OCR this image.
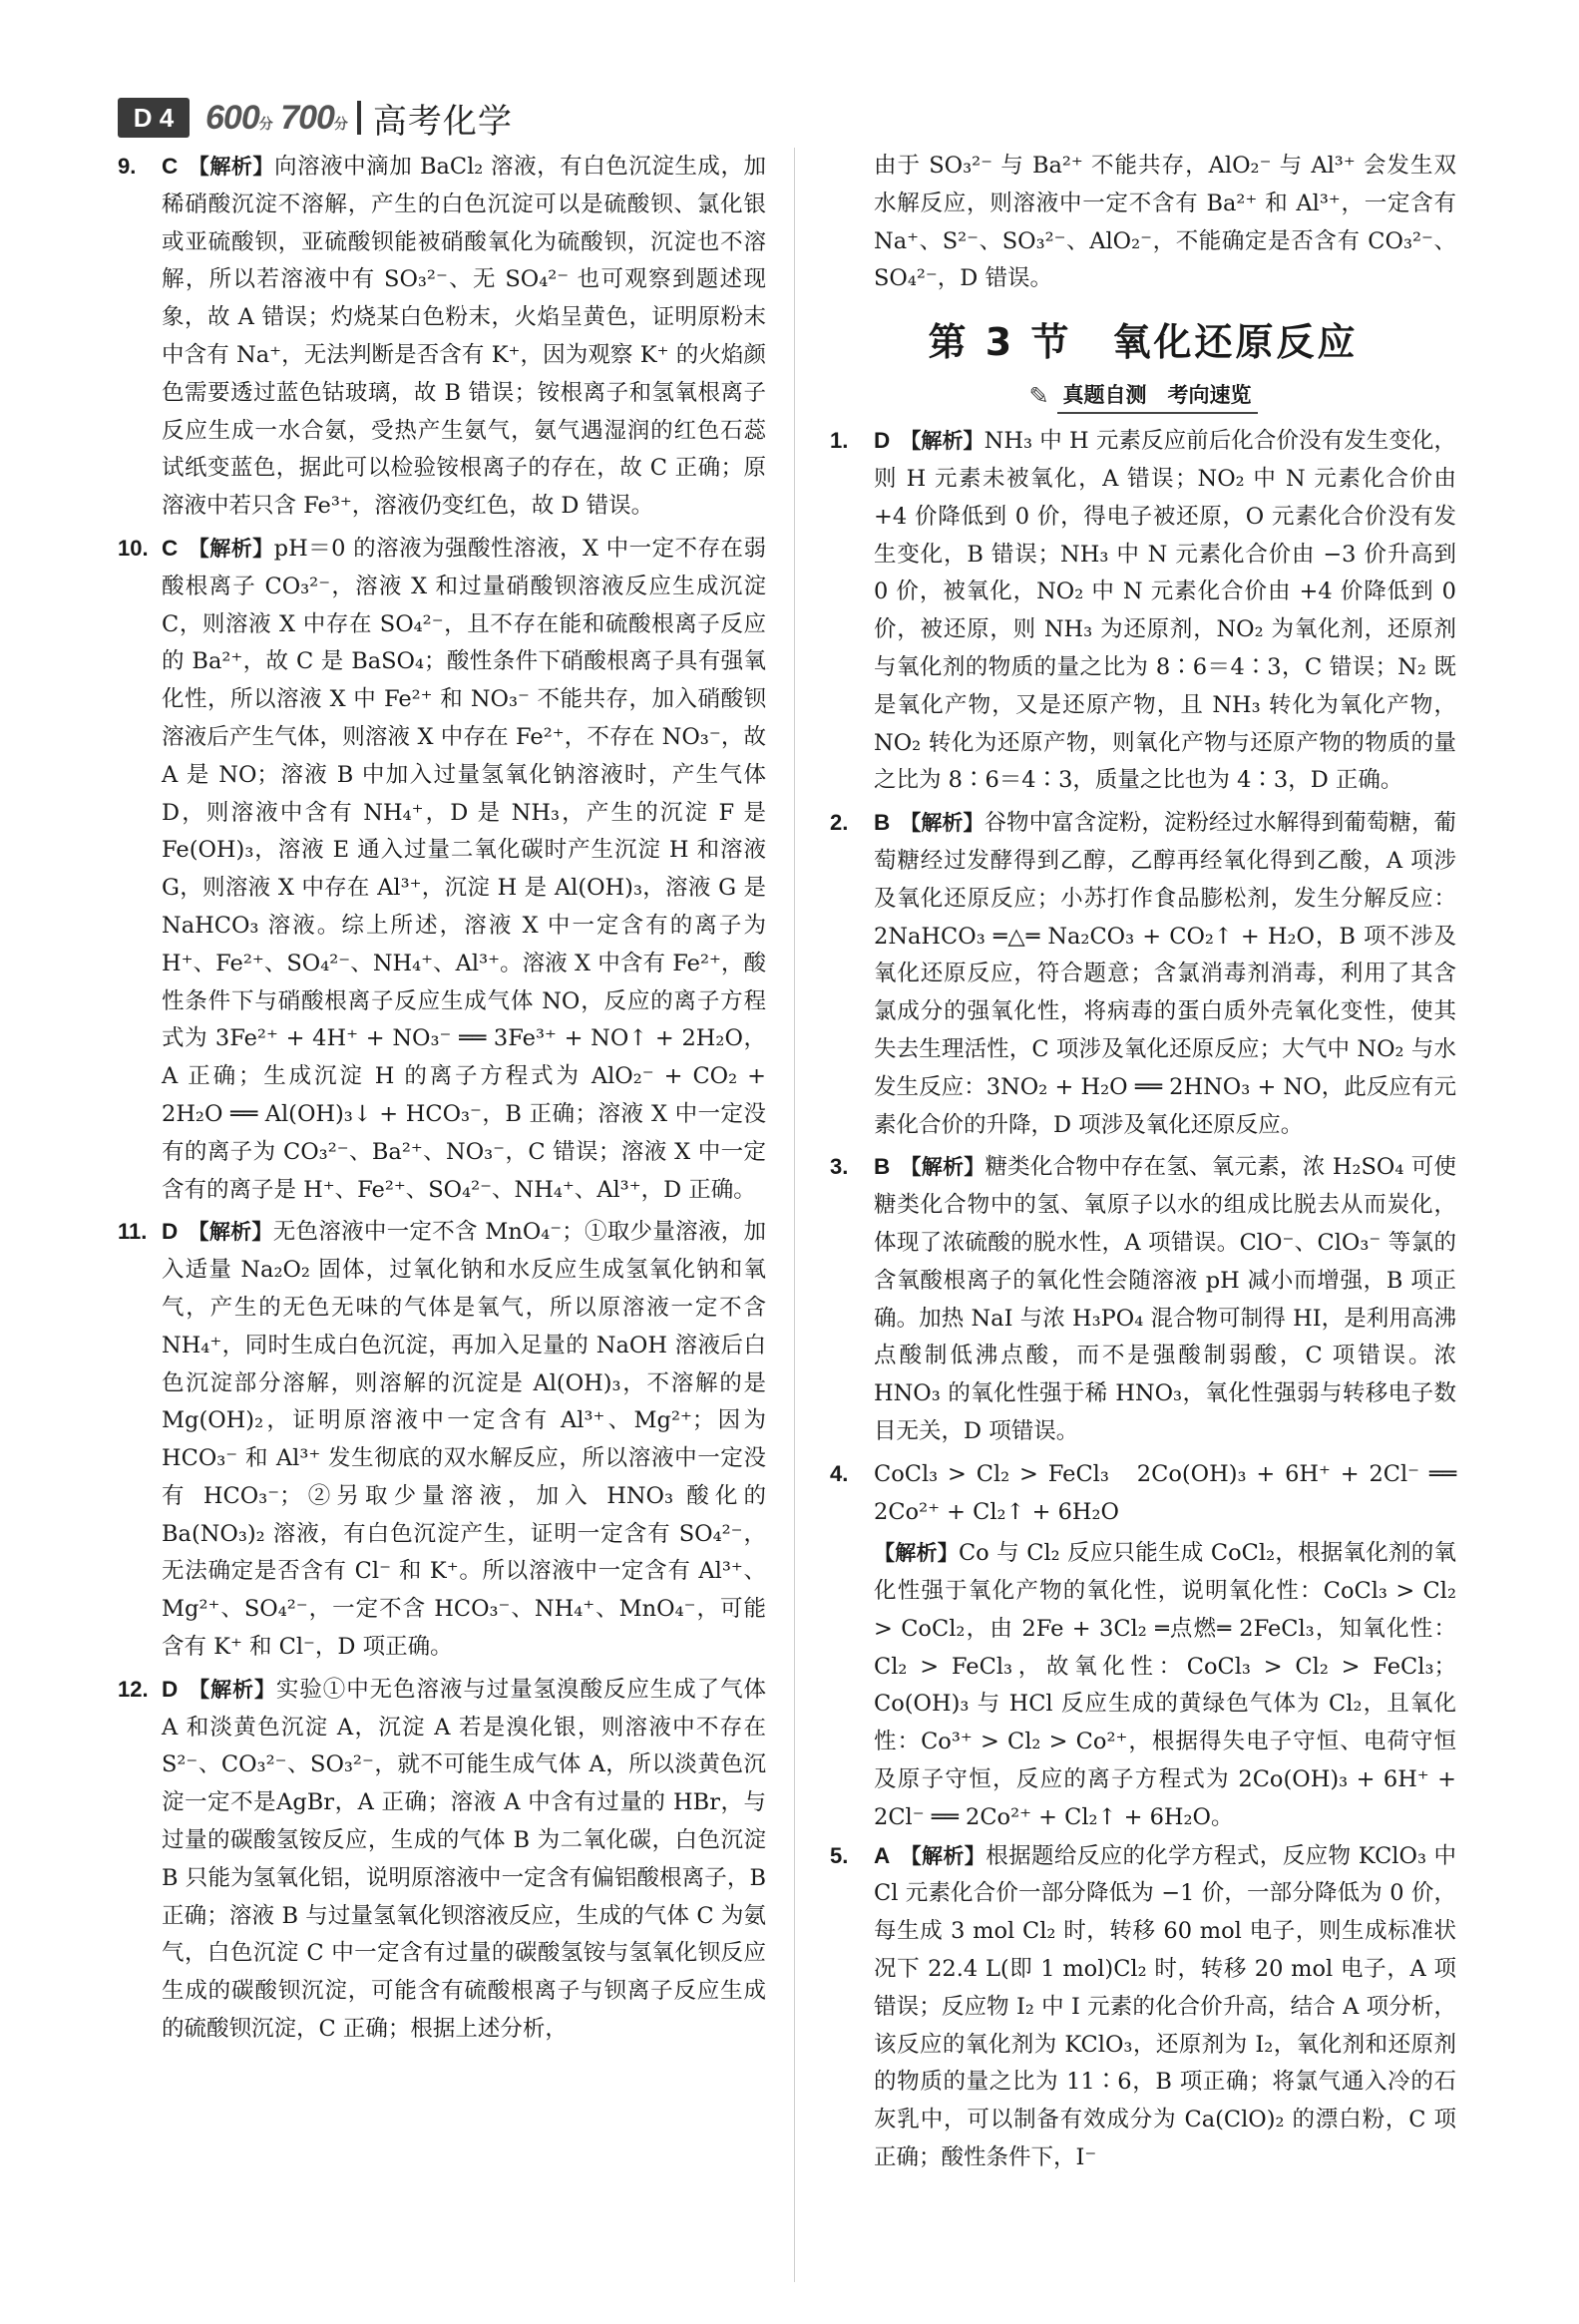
D 4 600分 700分 高考化学
9. C 【解析】向溶液中滴加 BaCl₂ 溶液，有白色沉淀生成，加稀硝酸沉淀不溶解，产生的白色沉淀可以是硫酸钡、氯化银或亚硫酸钡，亚硫酸钡能被硝酸氧化为硫酸钡，沉淀也不溶解，所以若溶液中有 SO₃²⁻、无 SO₄²⁻ 也可观察到题述现象，故 A 错误；灼烧某白色粉末，火焰呈黄色，证明原粉末中含有 Na⁺，无法判断是否含有 K⁺，因为观察 K⁺ 的火焰颜色需要透过蓝色钴玻璃，故 B 错误；铵根离子和氢氧根离子反应生成一水合氨，受热产生氨气，氨气遇湿润的红色石蕊试纸变蓝色，据此可以检验铵根离子的存在，故 C 正确；原溶液中若只含 Fe³⁺，溶液仍变红色，故 D 错误。
10. C 【解析】pH＝0 的溶液为强酸性溶液，X 中一定不存在弱酸根离子 CO₃²⁻，溶液 X 和过量硝酸钡溶液反应生成沉淀 C，则溶液 X 中存在 SO₄²⁻，且不存在能和硫酸根离子反应的 Ba²⁺，故 C 是 BaSO₄；酸性条件下硝酸根离子具有强氧化性，所以溶液 X 中 Fe²⁺ 和 NO₃⁻ 不能共存，加入硝酸钡溶液后产生气体，则溶液 X 中存在 Fe²⁺，不存在 NO₃⁻，故 A 是 NO；溶液 B 中加入过量氢氧化钠溶液时，产生气体 D，则溶液中含有 NH₄⁺，D 是 NH₃，产生的沉淀 F 是 Fe(OH)₃，溶液 E 通入过量二氧化碳时产生沉淀 H 和溶液 G，则溶液 X 中存在 Al³⁺，沉淀 H 是 Al(OH)₃，溶液 G 是 NaHCO₃ 溶液。综上所述，溶液 X 中一定含有的离子为 H⁺、Fe²⁺、SO₄²⁻、NH₄⁺、Al³⁺。溶液 X 中含有 Fe²⁺，酸性条件下与硝酸根离子反应生成气体 NO，反应的离子方程式为 3Fe²⁺ + 4H⁺ + NO₃⁻ ══ 3Fe³⁺ + NO↑ + 2H₂O，A 正确；生成沉淀 H 的离子方程式为 AlO₂⁻ + CO₂ + 2H₂O ══ Al(OH)₃↓ + HCO₃⁻，B 正确；溶液 X 中一定没有的离子为 CO₃²⁻、Ba²⁺、NO₃⁻，C 错误；溶液 X 中一定含有的离子是 H⁺、Fe²⁺、SO₄²⁻、NH₄⁺、Al³⁺，D 正确。
11. D 【解析】无色溶液中一定不含 MnO₄⁻；①取少量溶液，加入适量 Na₂O₂ 固体，过氧化钠和水反应生成氢氧化钠和氧气，产生的无色无味的气体是氧气，所以原溶液一定不含 NH₄⁺，同时生成白色沉淀，再加入足量的 NaOH 溶液后白色沉淀部分溶解，则溶解的沉淀是 Al(OH)₃，不溶解的是 Mg(OH)₂，证明原溶液中一定含有 Al³⁺、Mg²⁺；因为 HCO₃⁻ 和 Al³⁺ 发生彻底的双水解反应，所以溶液中一定没有 HCO₃⁻；②另取少量溶液，加入 HNO₃ 酸化的 Ba(NO₃)₂ 溶液，有白色沉淀产生，证明一定含有 SO₄²⁻，无法确定是否含有 Cl⁻ 和 K⁺。所以溶液中一定含有 Al³⁺、Mg²⁺、SO₄²⁻，一定不含 HCO₃⁻、NH₄⁺、MnO₄⁻，可能含有 K⁺ 和 Cl⁻，D 项正确。
12. D 【解析】实验①中无色溶液与过量氢溴酸反应生成了气体 A 和淡黄色沉淀 A，沉淀 A 若是溴化银，则溶液中不存在 S²⁻、CO₃²⁻、SO₃²⁻，就不可能生成气体 A，所以淡黄色沉淀一定不是AgBr，A 正确；溶液 A 中含有过量的 HBr，与过量的碳酸氢铵反应，生成的气体 B 为二氧化碳，白色沉淀 B 只能为氢氧化铝，说明原溶液中一定含有偏铝酸根离子，B 正确；溶液 B 与过量氢氧化钡溶液反应，生成的气体 C 为氨气，白色沉淀 C 中一定含有过量的碳酸氢铵与氢氧化钡反应生成的碳酸钡沉淀，可能含有硫酸根离子与钡离子反应生成的硫酸钡沉淀，C 正确；根据上述分析，
由于 SO₃²⁻ 与 Ba²⁺ 不能共存，AlO₂⁻ 与 Al³⁺ 会发生双水解反应，则溶液中一定不含有 Ba²⁺ 和 Al³⁺，一定含有 Na⁺、S²⁻、SO₃²⁻、AlO₂⁻，不能确定是否含有 CO₃²⁻、SO₄²⁻，D 错误。
第 3 节　氧化还原反应
✎ 真题自测　考向速览
1. D 【解析】NH₃ 中 H 元素反应前后化合价没有发生变化，则 H 元素未被氧化，A 错误；NO₂ 中 N 元素化合价由 +4 价降低到 0 价，得电子被还原，O 元素化合价没有发生变化，B 错误；NH₃ 中 N 元素化合价由 −3 价升高到 0 价，被氧化，NO₂ 中 N 元素化合价由 +4 价降低到 0 价，被还原，则 NH₃ 为还原剂，NO₂ 为氧化剂，还原剂与氧化剂的物质的量之比为 8∶6＝4∶3，C 错误；N₂ 既是氧化产物，又是还原产物，且 NH₃ 转化为氧化产物，NO₂ 转化为还原产物，则氧化产物与还原产物的物质的量之比为 8∶6＝4∶3，质量之比也为 4∶3，D 正确。
2. B 【解析】谷物中富含淀粉，淀粉经过水解得到葡萄糖，葡萄糖经过发酵得到乙醇，乙醇再经氧化得到乙酸，A 项涉及氧化还原反应；小苏打作食品膨松剂，发生分解反应：2NaHCO₃ ═△═ Na₂CO₃ + CO₂↑ + H₂O，B 项不涉及氧化还原反应，符合题意；含氯消毒剂消毒，利用了其含氯成分的强氧化性，将病毒的蛋白质外壳氧化变性，使其失去生理活性，C 项涉及氧化还原反应；大气中 NO₂ 与水发生反应：3NO₂ + H₂O ══ 2HNO₃ + NO，此反应有元素化合价的升降，D 项涉及氧化还原反应。
3. B 【解析】糖类化合物中存在氢、氧元素，浓 H₂SO₄ 可使糖类化合物中的氢、氧原子以水的组成比脱去从而炭化，体现了浓硫酸的脱水性，A 项错误。ClO⁻、ClO₃⁻ 等氯的含氧酸根离子的氧化性会随溶液 pH 减小而增强，B 项正确。加热 NaI 与浓 H₃PO₄ 混合物可制得 HI，是利用高沸点酸制低沸点酸，而不是强酸制弱酸，C 项错误。浓 HNO₃ 的氧化性强于稀 HNO₃，氧化性强弱与转移电子数目无关，D 项错误。
4. CoCl₃ > Cl₂ > FeCl₃　2Co(OH)₃ + 6H⁺ + 2Cl⁻ ══ 2Co²⁺ + Cl₂↑ + 6H₂O
【解析】Co 与 Cl₂ 反应只能生成 CoCl₂，根据氧化剂的氧化性强于氧化产物的氧化性，说明氧化性：CoCl₃ > Cl₂ > CoCl₂，由 2Fe + 3Cl₂ ═点燃═ 2FeCl₃，知氧化性：Cl₂ > FeCl₃，故氧化性：CoCl₃ > Cl₂ > FeCl₃；Co(OH)₃ 与 HCl 反应生成的黄绿色气体为 Cl₂，且氧化性：Co³⁺ > Cl₂ > Co²⁺，根据得失电子守恒、电荷守恒及原子守恒，反应的离子方程式为 2Co(OH)₃ + 6H⁺ + 2Cl⁻ ══ 2Co²⁺ + Cl₂↑ + 6H₂O。
5. A 【解析】根据题给反应的化学方程式，反应物 KClO₃ 中 Cl 元素化合价一部分降低为 −1 价，一部分降低为 0 价，每生成 3 mol Cl₂ 时，转移 60 mol 电子，则生成标准状况下 22.4 L(即 1 mol)Cl₂ 时，转移 20 mol 电子，A 项错误；反应物 I₂ 中 I 元素的化合价升高，结合 A 项分析，该反应的氧化剂为 KClO₃，还原剂为 I₂，氧化剂和还原剂的物质的量之比为 11∶6，B 项正确；将氯气通入冷的石灰乳中，可以制备有效成分为 Ca(ClO)₂ 的漂白粉，C 项正确；酸性条件下，I⁻
